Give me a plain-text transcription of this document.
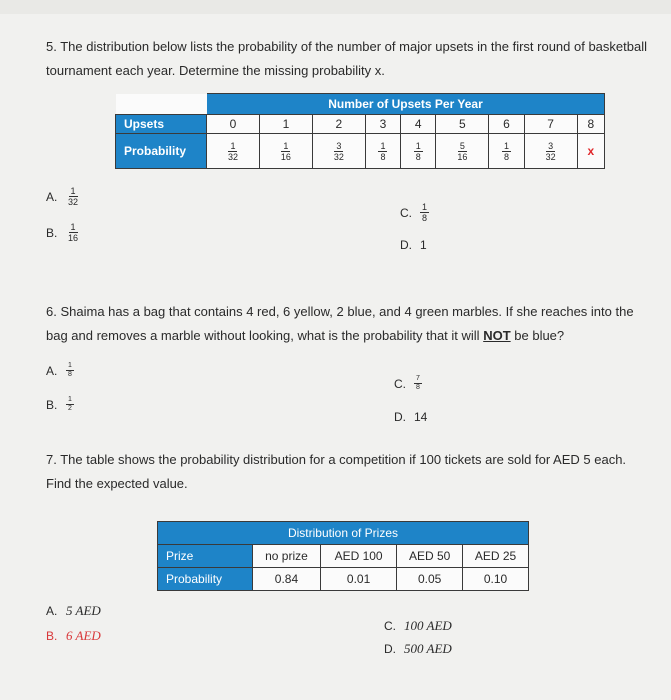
5. The distribution below lists the probability of the number of major upsets in the first round of basketball tournament each year. Determine the missing probability x.
	Number of Upsets Per Year								
Upsets	0	1	2	3	4	5	6	7	8
Probability	$\frac{1}{32}$	$\frac{1}{16}$	$\frac{3}{32}$	$\frac{1}{8}$	$\frac{1}{8}$	$\frac{5}{16}$	$\frac{1}{8}$	$\frac{3}{32}$	x
A. $\frac{1}{32}$
B. $\frac{1}{16}$
C. $\frac{1}{8}$
D. 1
6. Shaima has a bag that contains 4 red, 6 yellow, 2 blue, and 4 green marbles. If she reaches into the bag and removes a marble without looking, what is the probability that it will NOT be blue?
A.	$\frac{1}{8}$
B.	$\frac{1}{2}$
C. $\frac{7}{8}$
D. 14
7. The table shows the probability distribution for a competition if 100 tickets are sold for AED 5 each. Find the expected value.
Distribution of Prizes				
Prize	no prize	AED 100	AED 50	AED 25
Probability	0.84	0.01	0.05	0.10
A. 5 AED
B. 6 AED
C. 100 AED
D. 500 AED
